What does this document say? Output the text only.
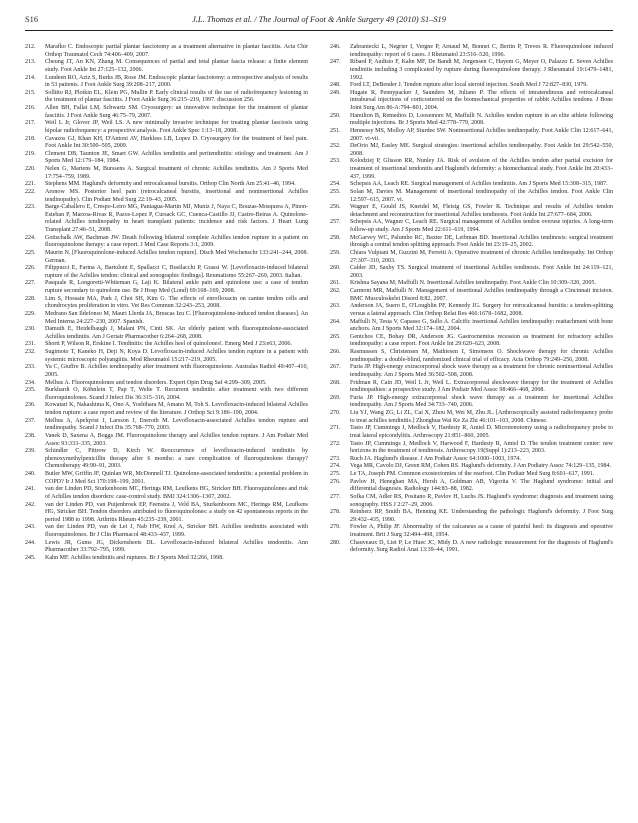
S16	J.L. Thomas et al. / The Journal of Foot & Ankle Surgery 49 (2010) S1–S19

212. Marafko C. Endoscopic partial plantar fasciotomy as a treatment alternative in plantar fasciitis. Acta Chir Orthop Traumatol Cech 74:406–409, 2007.

213. Cheung JT, An KN, Zhang M. Consequences of partial and total plantar fascia release: a finite element study. Foot Ankle Int 27:125–132, 2006.

214. Lundeen RO, Aziz S, Burks JB, Rose JM. Endoscopic plantar fasciotomy: a retrospective analysis of results in 53 patients. J Foot Ankle Surg 39:208–217, 2000.

215. Sollitto RJ, Plotkin EL, Klein PG, Mullin P. Early clinical results of the use of radiofrequency lesioning in the treatment of plantar fasciitis. J Foot Ankle Surg 36:215–219, 1997. discussion 256.

216. Allen BH, Fallat LM, Schwartz SM. Cryosurgery: an innovative technique for the treatment of plantar fasciitis. J Foot Ankle Surg 46:75–79, 2007.

217. Weil L Jr, Glover JP, Weil LS. A new minimally invasive technique for treating plantar fasciosis using bipolar radiofrequency: a prospective analysis. Foot Ankle Spec 1:13–18, 2008.

218. Cavazos GJ, Khan KH, D'Antoni AV, Harkless LB, Lopez D. Cryosurgery for the treatment of heel pain. Foot Ankle Int 30:500–505, 2009.

219. Clement DB, Taunton JE, Smart GW. Achilles tendinitis and peritendinitis: etiology and treatment. Am J Sports Med 12:179–184, 1984.

220. Nelen G, Martens M, Burssens A. Surgical treatment of chronic Achilles tendinitis. Am J Sports Med 17:754–759, 1989.

221. Stephens MM. Haglund's deformity and retrocalcaneal bursitis. Orthop Clin North Am 25:41–46, 1994.

222. Aronow MS. Posterior heel pain (retrocalcaneal bursitis, insertional and noninsertional Achilles tendinopathy). Clin Podiatr Med Surg 22:19–43, 2005.

223. Barge-Caballero E, Crespo-Leiro MG, Paniagua-Martin MJ, Muniz J, Naya C, Bouzas-Mosquera A, Pinon-Esteban P, Marzoa-Rivas R, Pazos-Lopez P, Cursack GC, Cuenca-Castillo JJ, Castro-Beiras A. Quinolone-related Achilles tendinopathy in heart transplant patients: incidence and risk factors. J Heart Lung Transplant 27:46–51, 2008.

224. Gottschalk AW, Bachman JW. Death following bilateral complete Achilles tendon rupture in a patient on fluoroquinolone therapy: a case report. J Med Case Reports 3:1, 2009.

225. Maurin N. [Fluoroquinolone-induced Achilles tendon rupture]. Dtsch Med Wochenschr 133:241–244, 2008. German.

226. Filippucci E, Farina A, Bartoloni E, Spallacci C, Busilacchi P, Grassi W. [Levofloxacin-induced bilateral rupture of the Achilles tendon: clinical and sonographic findings]. Reumatismo 55:267–269, 2003. Italian.

227. Pasquale R, Longoretti-Whiteman G, Laji K. Bilateral ankle pain and quinolone use: a case of tendon rupture secondary to quinolone use. Br J Hosp Med (Lond) 69:168–169, 2008.

228. Lim S, Hossain MA, Park J, Choi SH, Kim G. The effects of enrofloxacin on canine tendon cells and chondrocytes proliferation in vitro. Vet Res Commun 32:243–253, 2008.

229. Medrano San Ildefonso M, Mauri Llerda JA, Bruscas Izu C. [Fluoroquinolone-induced tendon diseases]. An Med Interna 24:227–230, 2007. Spanish.

230. Damuth E, Heidelbaugh J, Malani PN, Cinti SK. An elderly patient with fluoroquinolone-associated Achilles tendinitis. Am J Geriatr Pharmacother 6:264–268, 2008.

231. Shortt P, Wilson R, Erskine I. Tendinitis: the Achilles heel of quinolones!. Emerg Med J 23:e63, 2006.

232. Sugimoto T, Kaneko H, Deji N, Koya D. Levofloxacin-induced Achilles tendon rupture in a patient with systemic microscopic polyangiitis. Mod Rheumatol 15:217–219, 2005.

233. Yu C, Giuffre B. Achilles tendinopathy after treatment with fluoroquinolone. Australas Radiol 49:407–410, 2005.

234. Melhus A. Fluoroquinolones and tendon disorders. Expert Opin Drug Saf 4:299–309, 2005.

235. Burkhardt O, Köhnlein T, Pap T, Welte T. Recurrent tendinitis after treatment with two different fluoroquinolones. Scand J Infect Dis 36:315–316, 2004.

236. Kowatari K, Nakashima K, Ono A, Yoshihara M, Amano M, Toh S. Levofloxacin-induced bilateral Achilles tendon rupture: a case report and review of the literature. J Orthop Sci 9:186–190, 2004.

237. Melhus A, Apelqvist J, Larsson J, Eneroth M. Levofloxacin-associated Achilles tendon rupture and tendinopathy. Scand J Infect Dis 35:768–770, 2003.

238. Vanek D, Saxena A, Boggs JM. Fluoroquinolone therapy and Achilles tendon rupture. J Am Podiatr Med Assoc 93:333–335, 2003.

239. Schindler C, Pittrow D, Kirch W. Reoccurrence of levofloxacin-induced tendinitis by phenoxymethylpenicillin therapy after 6 months: a rare complication of fluoroquinolone therapy? Chemotherapy 49:90–91, 2003.

240. Butler MW, Griffin JF, Quinlan WR, McDonnell TJ. Quinolone-associated tendonitis: a potential problem in COPD? Ir J Med Sci 170:198–199, 2001.

241. van der Linden PD, Sturkenboom MC, Herings RM, Leufkens HG, Stricker BH. Fluoroquinolones and risk of Achilles tendon disorders: case-control study. BMJ 324:1306–1307, 2002.

242. van der Linden PD, van Puijenbroek EP, Feenstra J, Veld BA, Sturkenboom MC, Herings RM, Leufkens HG, Stricker BH. Tendon disorders attributed to fluoroquinolones: a study on 42 spontaneous reports in the period 1988 to 1998. Arthritis Rheum 45:235–239, 2001.

243. van der Linden PD, van de Lei J, Nab HW, Knol A, Stricker BH. Achilles tendinitis associated with fluoroquinolones. Br J Clin Pharmacol 48:433–437, 1999.

244. Lewis JR, Gums JG, Dickensheets DL. Levofloxacin-induced bilateral Achilles tendonitis. Ann Pharmacother 33:792–795, 1999.

245. Kahn MF. Achilles tendinitis and ruptures. Br J Sports Med 32:266, 1998.

246. Zabraniecki L, Negrier I, Vergne P, Arnaud M, Bonnet C, Bertin P, Treves R. Fluoroquinolone induced tendinopathy: report of 6 cases. J Rheumatol 23:516–520, 1996.

247. Ribard P, Audisio F, Kahn MF, De Bandt M, Jorgensen C, Hayem G, Meyer O, Palazzo E. Seven Achilles tendinitis including 3 complicated by rupture during fluoroquinolone therapy. J Rheumatol 19:1479–1481, 1992.

248. Ford LT, DeBender J. Tendon rupture after local steroid injection. South Med J 72:827–830, 1979.

249. Hugate R, Pennypacker J, Saunders M, Juliano P. The effects of intratendinous and retrocalcaneal intrabursal injections of corticosteroid on the biomechanical properties of rabbit Achilles tendons. J Bone Joint Surg Am 86-A:794–801, 2004.

250. Hamilton B, Remedios D, Loosemore M, Maffulli N. Achilles tendon rupture in an elite athlete following multiple injections. Br J Sports Med 42:778–779, 2008.

251. Hennessy MS, Molloy AP, Sturdee SW. Noninsertional Achilles tendinopathy. Foot Ankle Clin 12:617–641, 2007. vi-vii.

252. DeOrio MJ, Easley ME. Surgical strategies: insertional achilles tendinopathy. Foot Ankle Int 29:542–550, 2008.

253. Kolodziej P, Glisson RR, Nunley JA. Risk of avulsion of the Achilles tendon after partial excision for treatment of insertional tendonitis and Haglund's deformity: a biomechanical study. Foot Ankle Int 20:433–437, 1999.

254. Schepsis AA, Leach RE. Surgical management of Achilles tendinitis. Am J Sports Med 15:308–315, 1987.

255. Solan M, Davies M. Management of insertional tendinopathy of the Achilles tendon. Foot Ankle Clin 12:597–615, 2007. vi.

256. Wagner E, Gould JS, Kneidel M, Fleisig GS, Fowler R. Technique and results of Achilles tendon detachment and reconstruction for insertional Achilles tendinosis. Foot Ankle Int 27:677–684, 2006.

257. Schepsis AA, Wagner C, Leach RE. Surgical management of Achilles tendon overuse injuries. A long-term follow-up study. Am J Sports Med 22:611–619, 1994.

258. McGarvey WC, Palumbo RC, Baxter DE, Leibman BD. Insertional Achilles tendinosis: surgical treatment through a central tendon splitting approach. Foot Ankle Int 23:19–25, 2002.

259. Chiara Vulpiani M, Guzzini M, Ferretti A. Operative treatment of chronic Achilles tendinopathy. Int Orthop 27:307–310, 2003.

260. Calder JD, Saxby TS. Surgical treatment of insertional Achilles tendinosis. Foot Ankle Int 24:119–121, 2003.

261. Krishna Sayana M, Maffulli N. Insertional Achilles tendinopathy. Foot Ankle Clin 10:309–320, 2005.

262. Carmont MR, Maffulli N. Management of insertional Achilles tendinopathy through a Cincinnati incision. BMC Musculoskelet Disord 8:82, 2007.

263. Anderson JA, Suero E, O'Loughlin PF, Kennedy JG. Surgery for retrocalcaneal bursitis: a tendon-splitting versus a lateral approach. Clin Orthop Relat Res 466:1678–1682, 2008.

264. Maffulli N, Testa V, Capasso G, Sullo A. Calcific insertional Achilles tendinopathy: reattachment with bone anchors. Am J Sports Med 32:174–182, 2004.

265. Gentchos CE, Bohay DR, Anderson JG. Gastrocnemius recession as treatment for refractory achilles tendinopathy: a case report. Foot Ankle Int 29:620–623, 2008.

266. Rasmussen S, Christensen M, Mathiesen I, Simonson O. Shockwave therapy for chronic Achilles tendinopathy: a double-blind, randomized clinical trial of efficacy. Acta Orthop 79:249–256, 2008.

267. Furia JP. High-energy extracorporeal shock wave therapy as a treatment for chronic noninsertional Achilles tendinopathy. Am J Sports Med 36:502–508, 2008.

268. Fridman R, Cain JD, Weil L Jr, Weil L. Extracorporeal shockwave therapy for the treatment of Achilles tendinopathies: a prospective study. J Am Podiatr Med Assoc 98:466–468, 2008.

269. Furia JP. High-energy extracorporeal shock wave therapy as a treatment for insertional Achilles tendinopathy. Am J Sports Med 34:733–740, 2006.

270. Liu YJ, Wang ZG, Li ZL, Cai X, Zhou M, Wei M, Zhu JL. [Arthroscopically assisted radiofrequency probe to treat achilles tendinitis.] Zhonghua Wai Ke Za Zhi 46:101–103, 2008. Chinese.

271. Tasto JP, Cummings J, Medlock V, Hardesty R, Amiel D. Microtenotomy using a radiofrequency probe to treat lateral epicondylitis. Arthroscopy 21:851–860, 2005.

272. Tasto JP, Cummings J, Medlock V, Harwood F, Hardesty R, Amiel D. The tendon treatment center: new horizons in the treatment of tendinosis. Arthroscopy 19(Suppl 1):213–223, 2003.

273. Ruch JA. Haglund's disease. J Am Podiatr Assoc 64:1000–1003, 1974.

274. Vega MR, Cavolo DJ, Green RM, Cohen RS. Haglund's deformity. J Am Podiatry Assoc 74:129–135, 1984.

275. Le TA, Joseph PM. Common exostectomies of the rearfoot. Clin Podiatr Med Surg 8:601–617, 1991.

276. Pavlov H, Heneghan MA, Hersh A, Goldman AB, Vigorita V. The Haglund syndrome: initial and differential diagnosis. Radiology 144:83–88, 1982.

277. Sofka CM, Adler RS, Positano R, Pavlov H, Luchs JS. Haglund's syndrome: diagnosis and treatment using sonography. HSS J 2:27–29, 2006.

278. Reinherz RP, Smith BA, Henning KE. Understanding the pathologic Haglund's deformity. J Foot Surg 29:432–435, 1990.

279. Fowler A, Philip JF. Abnormality of the calcaneus as a cause of painful heel: its diagnosis and operative treatment. Brit J Surg 32:494–498, 1954.

280. Chauveaux D, Liet P, Le Huec JC, Midy D. A new radiologic measurement for the diagnosis of Haglund's deformity. Surg Radiol Anat 13:39–44, 1991.
